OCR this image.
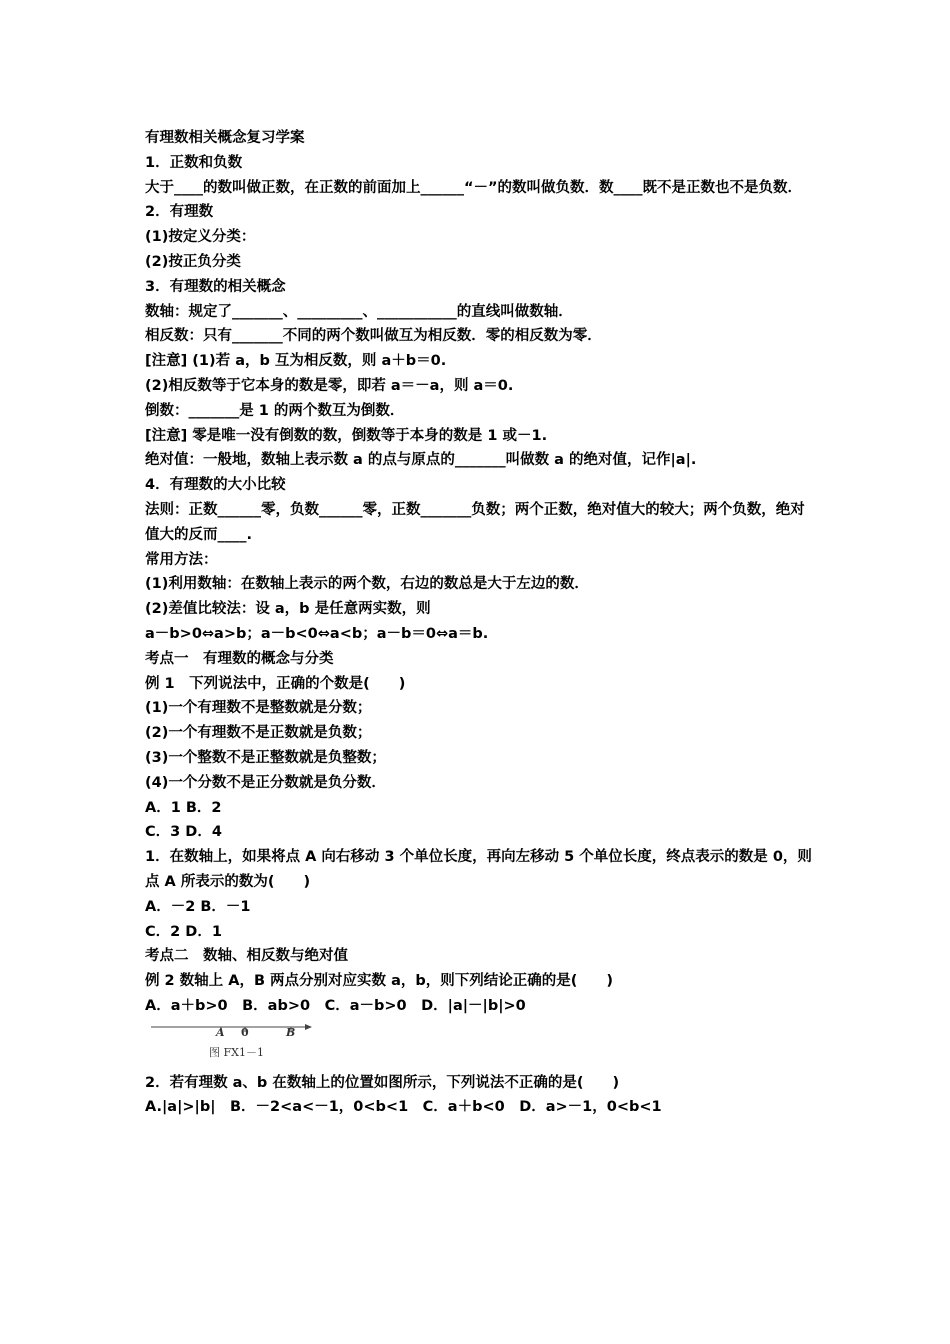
有理数相关概念复习学案
1．正数和负数
大于____的数叫做正数，在正数的前面加上______“－”的数叫做负数．数____既不是正数也不是负数．
2．有理数
(1)按定义分类：
(2)按正负分类
3．有理数的相关概念
数轴：规定了_______、_________、___________的直线叫做数轴．
相反数：只有_______不同的两个数叫做互为相反数．零的相反数为零．
[注意] (1)若 a，b 互为相反数，则 a＋b＝0.
(2)相反数等于它本身的数是零，即若 a＝－a，则 a＝0.
倒数：_______是 1 的两个数互为倒数．
[注意] 零是唯一没有倒数的数，倒数等于本身的数是 1 或－1.
绝对值：一般地，数轴上表示数 a 的点与原点的_______叫做数 a 的绝对值，记作|a|.
4．有理数的大小比较
法则：正数______零，负数______零，正数_______负数；两个正数，绝对值大的较大；两个负数，绝对值大的反而____.
常用方法：
(1)利用数轴：在数轴上表示的两个数，右边的数总是大于左边的数．
(2)差值比较法：设 a，b 是任意两实数，则
a－b>0⇔a>b；a－b<0⇔a<b；a－b＝0⇔a＝b.
考点一　有理数的概念与分类
例 1　下列说法中，正确的个数是(　　)
(1)一个有理数不是整数就是分数；
(2)一个有理数不是正数就是负数；
(3)一个整数不是正整数就是负整数；
(4)一个分数不是正分数就是负分数．
A．1 B．2
C．3 D．4
1．在数轴上，如果将点 A 向右移动 3 个单位长度，再向左移动 5 个单位长度，终点表示的数是 0，则点 A 所表示的数为(　　)
A．－2 B．－1
C．2 D．1
考点二　数轴、相反数与绝对值
例 2 数轴上 A，B 两点分别对应实数 a，b，则下列结论正确的是(　　)
A．a＋b>0　B．ab>0　C．a－b>0　D．|a|－|b|>0
A 0	B
图 FX1－1
2．若有理数 a、b 在数轴上的位置如图所示，下列说法不正确的是(　　)
A.|a|>|b|　B．－2<a<－1，0<b<1　C．a＋b<0　D．a>－1，0<b<1
